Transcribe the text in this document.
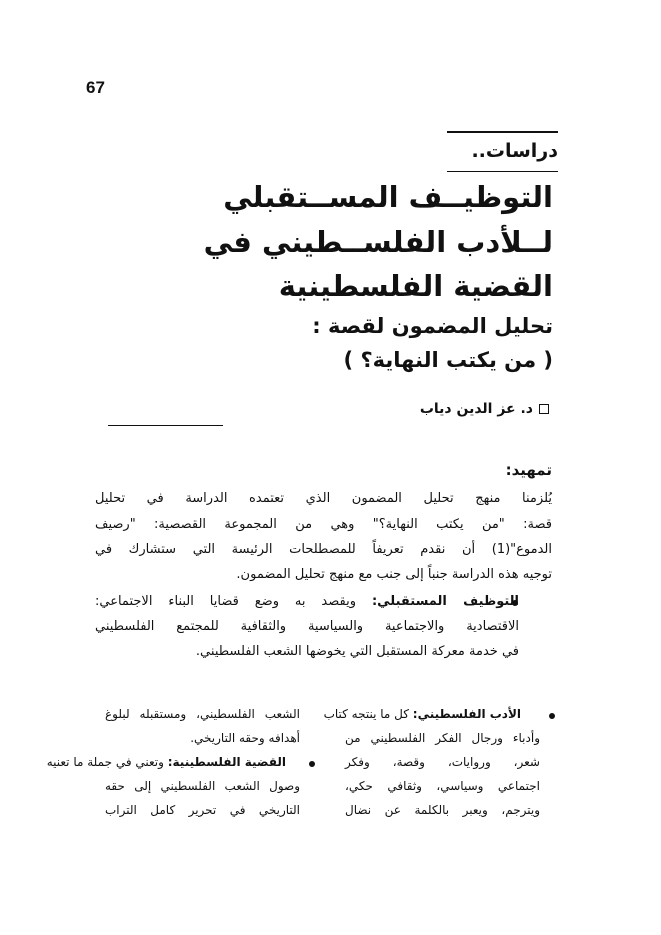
67
دراسات..
التوظيــف المســتقبلي
لــلأدب الفلســطيني في
القضية الفلسطينية
تحليل المضمون لقصة :
( من يكتب النهاية؟ )
د. عز الدين دياب
تمهيد:
يُلزمنا منهج تحليل المضمون الذي تعتمده الدراسة في تحليل
قصة: "من يكتب النهاية؟" وهي من المجموعة القصصية: "رصيف
الدموع"(1) أن نقدم تعريفاً للمصطلحات الرئيسة التي ستشارك في
توجيه هذه الدراسة جنباً إلى جنب مع منهج تحليل المضمون.
التوظيف المستقبلي: ويقصد به وضع قضايا البناء الاجتماعي:
الاقتصادية والاجتماعية والسياسية والثقافية للمجتمع الفلسطيني
في خدمة معركة المستقبل التي يخوضها الشعب الفلسطيني.
الأدب الفلسطيني: كل ما ينتجه كتاب
وأدباء ورجال الفكر الفلسطيني من
شعر، وروايات، وقصة، وفكر
اجتماعي وسياسي، وثقافي حكي،
ويترجم، ويعبر بالكلمة عن نضال
الشعب الفلسطيني، ومستقبله لبلوغ
أهدافه وحقه التاريخي.
القضية الفلسطينية: وتعني في جملة ما تعنيه
وصول الشعب الفلسطيني إلى حقه
التاريخي في تحرير كامل التراب
